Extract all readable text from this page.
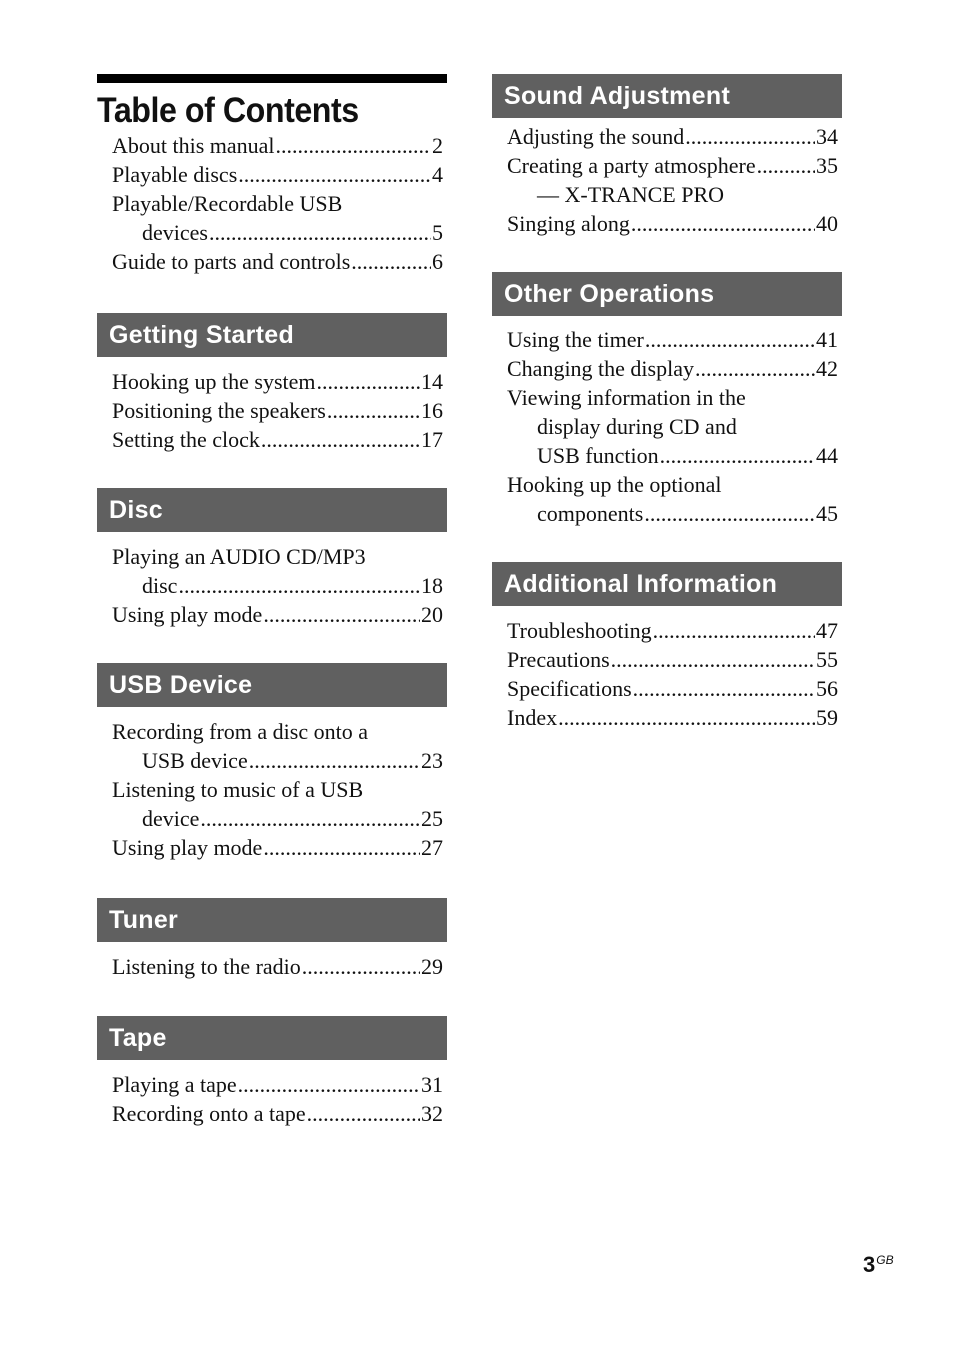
Table of Contents
About this manual .....	2
Playable discs .....	4
Playable/Recordable USB
devices .....	5
Guide to parts and controls .....	6
Getting Started
Hooking up the system .....	14
Positioning the speakers .....	16
Setting the clock .....	17
Disc
Playing an AUDIO CD/MP3
disc .....	18
Using play mode .....	20
USB Device
Recording from a disc onto a
USB device .....	23
Listening to music of a USB
device .....	25
Using play mode .....	27
Tuner
Listening to the radio .....	29
Tape
Playing a tape .....	31
Recording onto a tape .....	32
Sound Adjustment
Adjusting the sound .....	34
Creating a party atmosphere .....	35
— X-TRANCE PRO
Singing along .....	40
Other Operations
Using the timer .....	41
Changing the display .....	42
Viewing information in the
display during CD and
USB function .....	44
Hooking up the optional
components .....	45
Additional Information
Troubleshooting .....	47
Precautions .....	55
Specifications .....	56
Index .....	59
$3^{GB}$
